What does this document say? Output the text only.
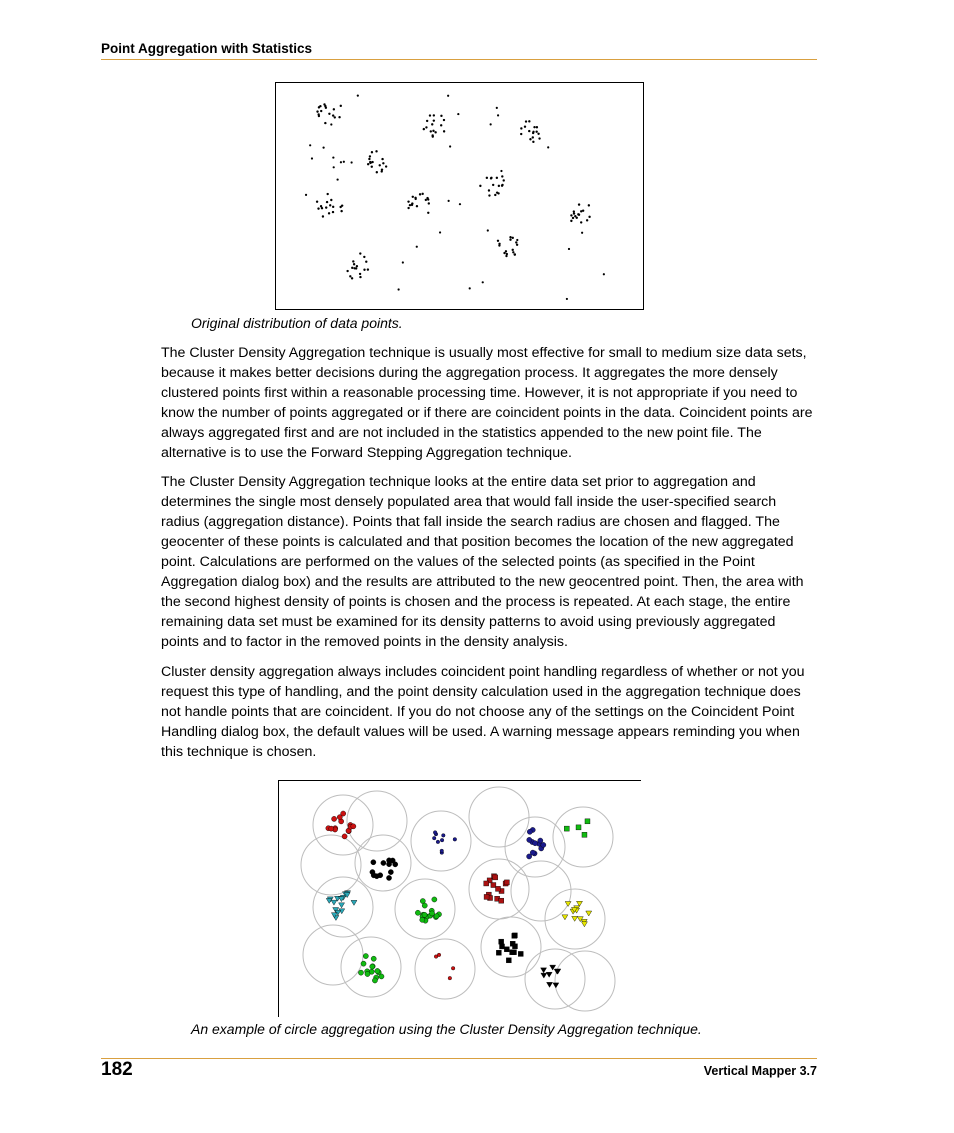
Point Aggregation with Statistics
Original distribution of data points.

The Cluster Density Aggregation technique is usually most effective for small to medium size data sets, because it makes better decisions during the aggregation process. It aggregates the more densely clustered points first within a reasonable processing time. However, it is not appropriate if you need to know the number of points aggregated or if there are coincident points in the data. Coincident points are always aggregated first and are not included in the statistics appended to the new point file. The alternative is to use the Forward Stepping Aggregation technique.

The Cluster Density Aggregation technique looks at the entire data set prior to aggregation and determines the single most densely populated area that would fall inside the user-specified search radius (aggregation distance). Points that fall inside the search radius are chosen and flagged. The geocenter of these points is calculated and that position becomes the location of the new aggregated point. Calculations are performed on the values of the selected points (as specified in the Point Aggregation dialog box) and the results are attributed to the new geocentred point. Then, the area with the second highest density of points is chosen and the process is repeated. At each stage, the entire remaining data set must be examined for its density patterns to avoid using previously aggregated points and to factor in the removed points in the density analysis.

Cluster density aggregation always includes coincident point handling regardless of whether or not you request this type of handling, and the point density calculation used in the aggregation technique does not handle points that are coincident. If you do not choose any of the settings on the Coincident Point Handling dialog box, the default values will be used. A warning message appears reminding you when this technique is chosen.

An example of circle aggregation using the Cluster Density Aggregation technique.
182	Vertical Mapper 3.7
